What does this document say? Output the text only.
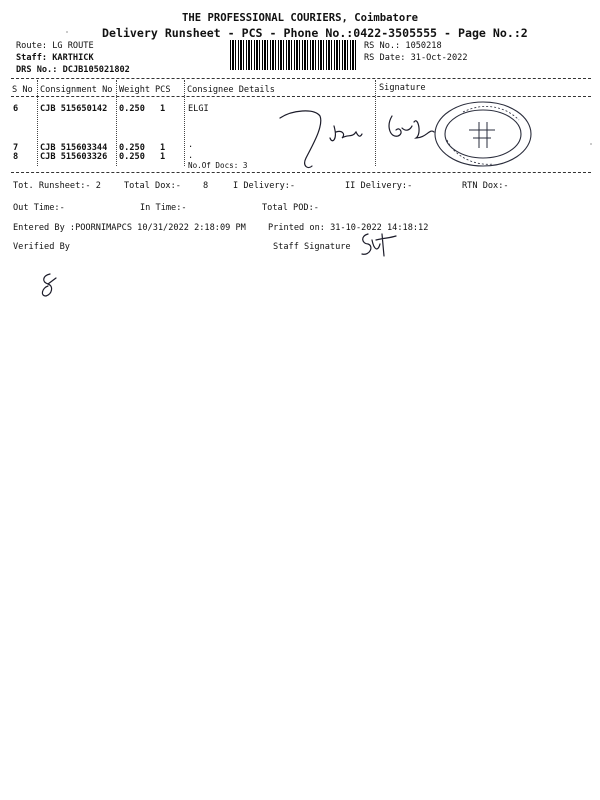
THE PROFESSIONAL COURIERS, Coimbatore
Delivery Runsheet - PCS - Phone No.:0422-3505555 - Page No.:2
Route: LG ROUTE
Staff: KARTHICK
DRS No.: DCJB105021802
RS No.: 1050218
RS Date: 31-Oct-2022
S No Consignment No Weight PCS Consignee Details	Signature
6	CJB 515650142 0.250 1	ELGI
7	CJB 515603344 0.250 1	.
8	CJB 515603326 0.250 1	.
No.Of Docs: 3
Tot. Runsheet:- 2	Total Dox:-	8	I Delivery:-	II Delivery:-	RTN Dox:-
Out Time:-	In Time:-	Total POD:-
Entered By :POORNIMAPCS 10/31/2022 2:18:09 PM	Printed on: 31-10-2022 14:18:12
Verified By	Staff Signature
